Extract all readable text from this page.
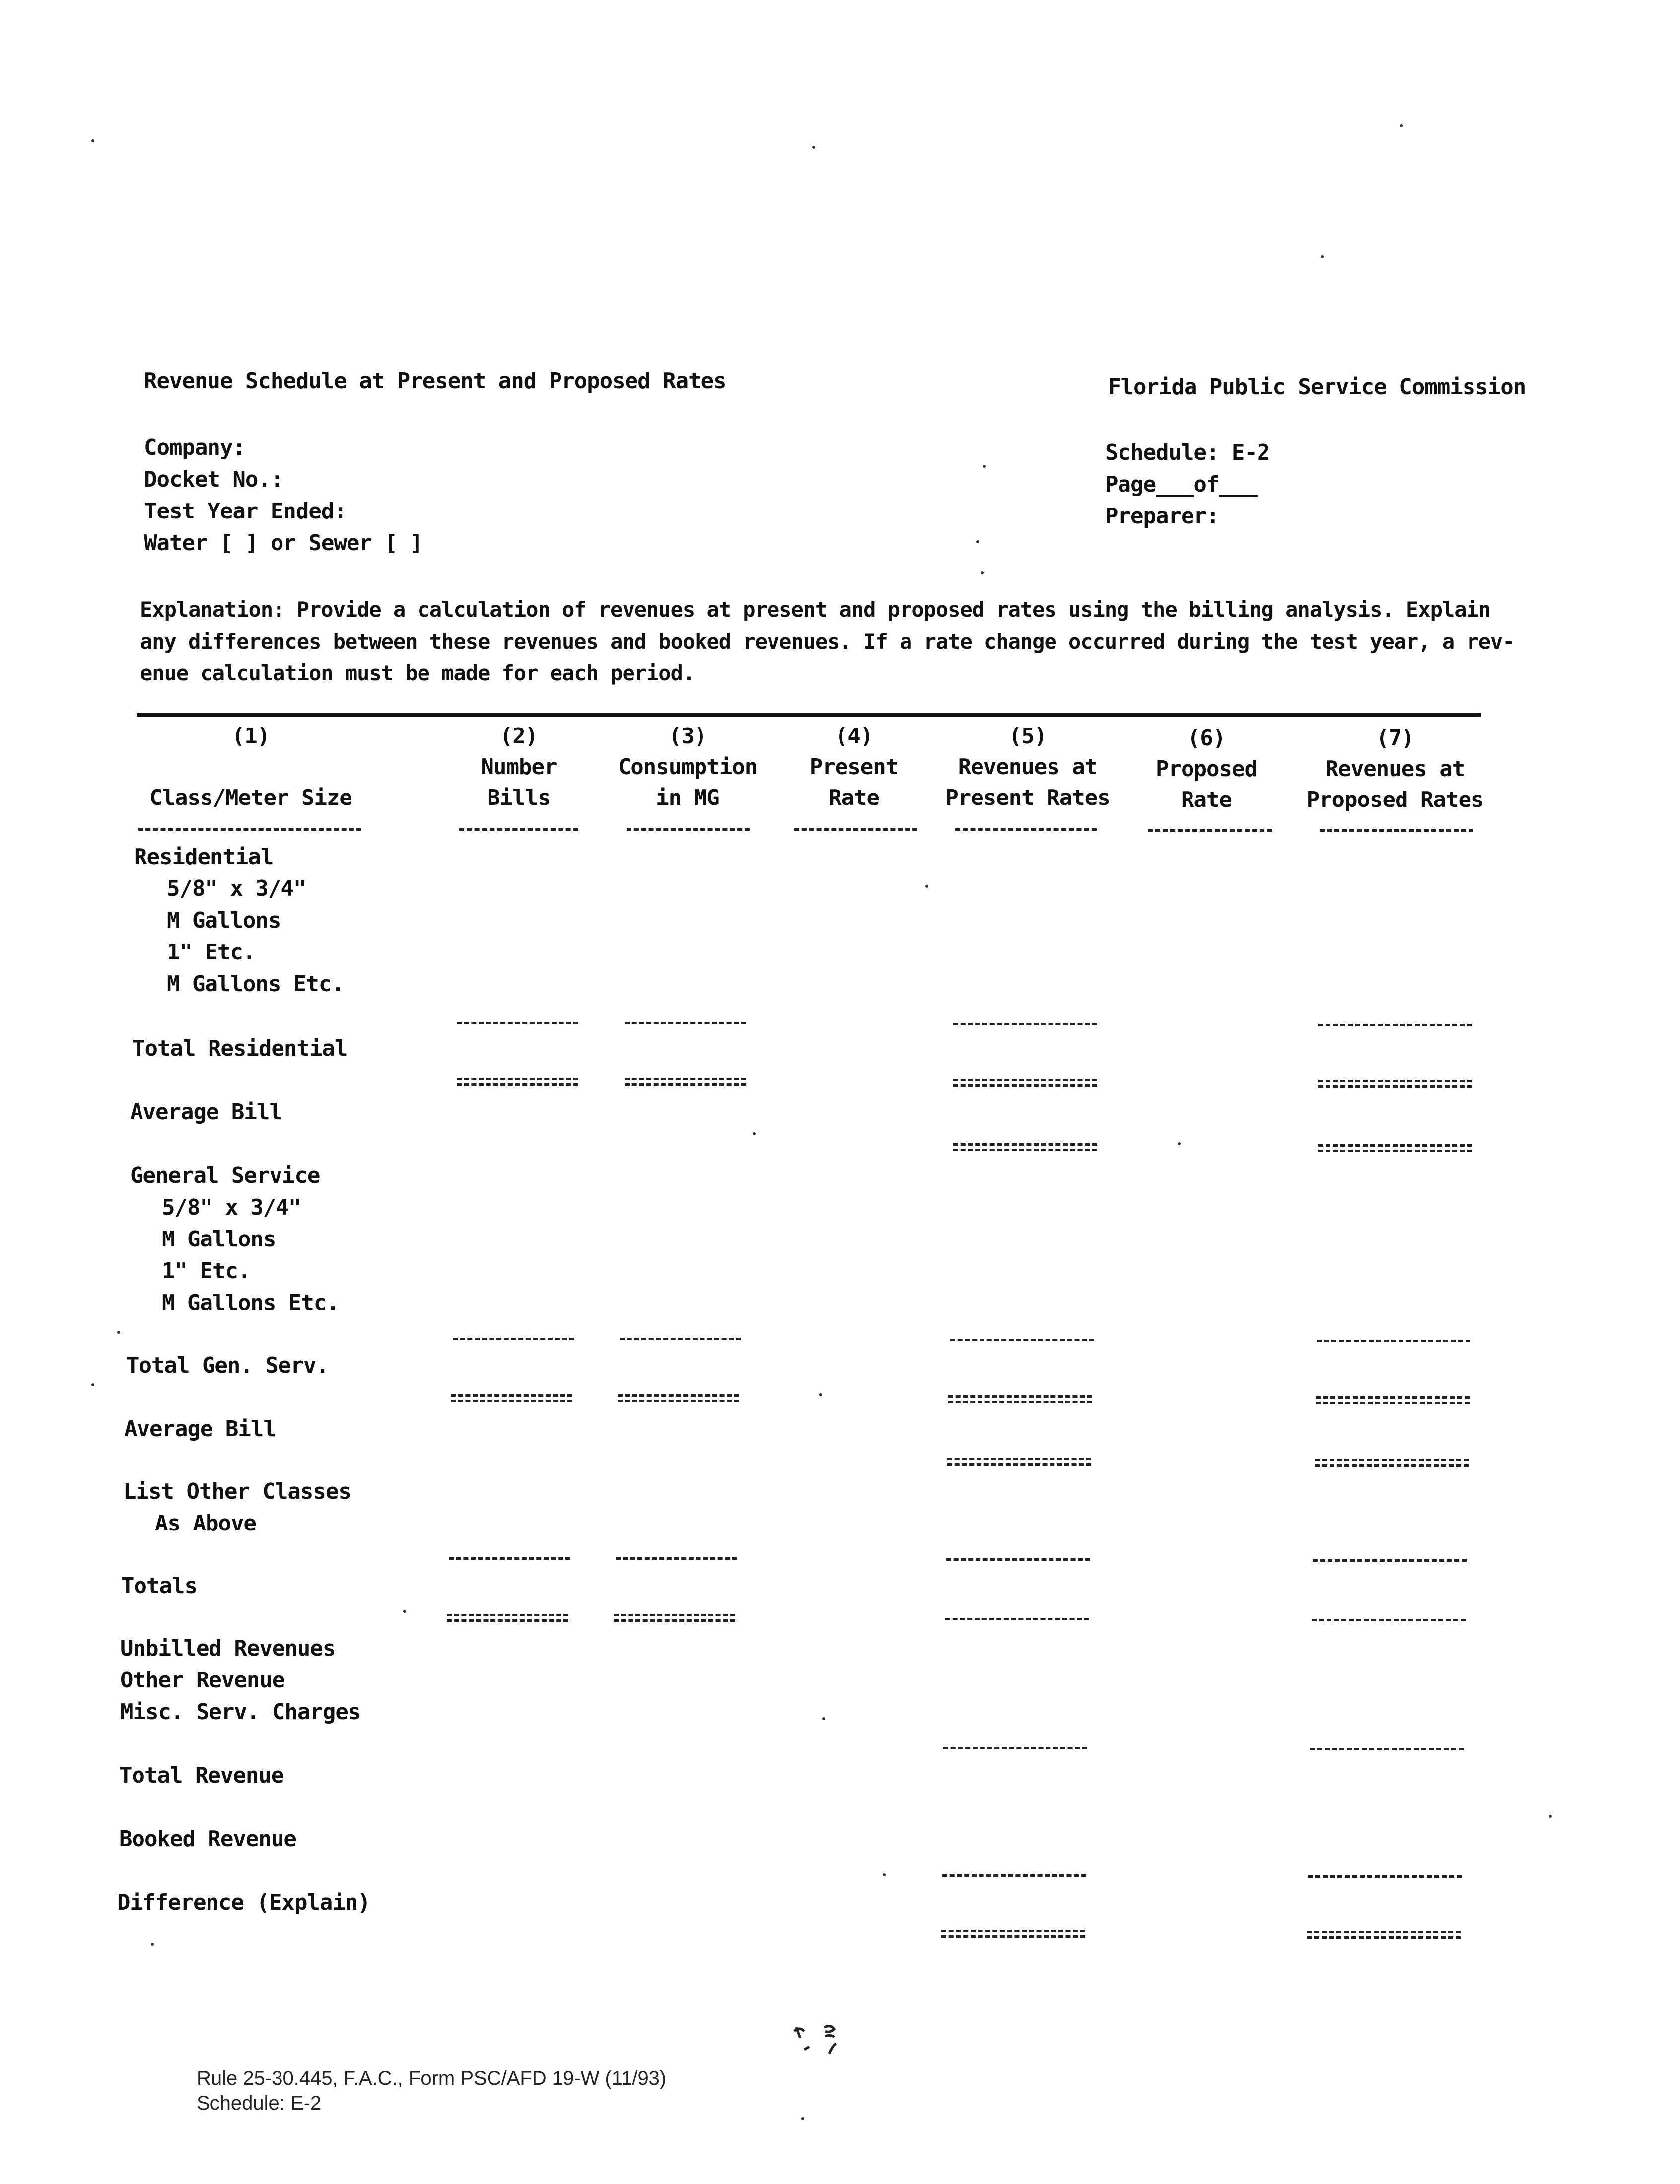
Revenue Schedule at Present and Proposed Rates	Florida Public Service Commission
Company:
Docket No.:
Test Year Ended:
Water [ ] or Sewer [ ]
Schedule: E-2
Page___of___
Preparer:
Explanation: Provide a calculation of revenues at present and proposed rates using the billing analysis. Explain
any differences between these revenues and booked revenues. If a rate change occurred during the test year, a rev-
enue calculation must be made for each period.
(1)
Class/Meter Size
(2)
Number
Bills
(3)
Consumption
in MG
(4)
Present
Rate
(5)
Revenues at
Present Rates
(6)
Proposed
Rate
(7)
Revenues at
Proposed Rates
Residential
5/8" x 3/4"
M Gallons
1" Etc.
M Gallons Etc.
Total Residential
Average Bill
General Service
5/8" x 3/4"
M Gallons
1" Etc.
M Gallons Etc.
Total Gen. Serv.
Average Bill
List Other Classes
As Above
Totals
Unbilled Revenues
Other Revenue
Misc. Serv. Charges
Total Revenue
Booked Revenue
Difference (Explain)
Rule 25-30.445, F.A.C., Form PSC/AFD 19-W (11/93)
Schedule: E-2
